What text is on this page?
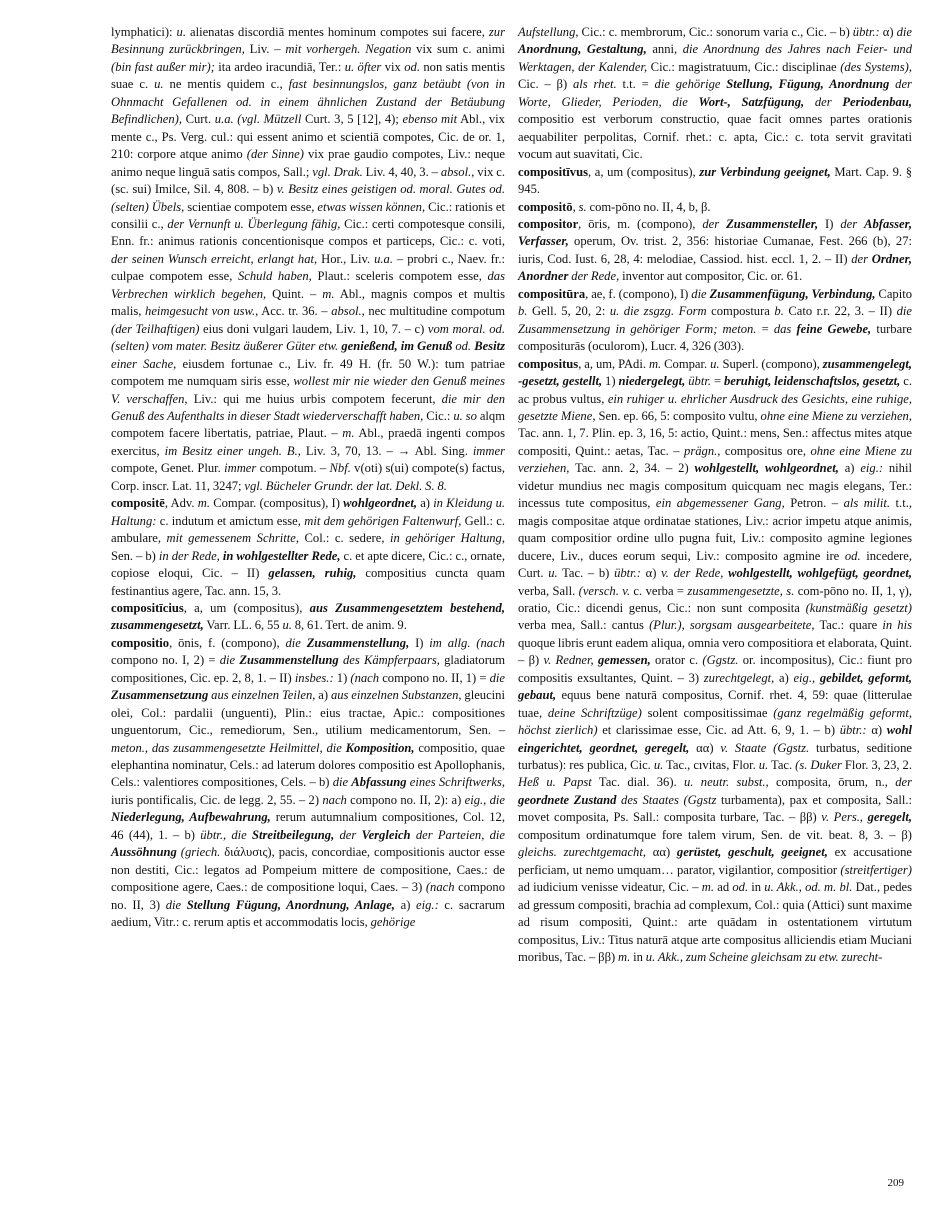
lymphatici): u. alienatas discordiā mentes hominum compotes sui facere, zur Besinnung zurückbringen, Liv. – mit vorhergeh. Negation vix sum c. animi (bin fast außer mir); ita ardeo iracundiā, Ter.: u. öfter vix od. non satis mentis suae c. u. ne mentis quidem c., fast besinnungslos, ganz betäubt (von in Ohnmacht Gefallenen od. in einem ähnlichen Zustand der Betäubung Befindlichen), Curt. u.a. (vgl. Mützell Curt. 3, 5 [12], 4); ebenso mit Abl., vix mente c., Ps. Verg. cul.: qui essent animo et scientiā compotes, Cic. de or. 1, 210: corpore atque animo (der Sinne) vix prae gaudio compotes, Liv.: neque animo neque linguā satis compos, Sall.; vgl. Drak. Liv. 4, 40, 3. – absol., vix c. (sc. sui) Imilce, Sil. 4, 808. – b) v. Besitz eines geistigen od. moral. Gutes od. (selten) Übels, scientiae compotem esse, etwas wissen können, Cic.: rationis et consilii c., der Vernunft u. Überlegung fähig, Cic.: certi compotesque consili, Enn. fr.: animus rationis concentionisque compos et particeps, Cic.: c. voti, der seinen Wunsch erreicht, erlangt hat, Hor., Liv. u.a. – probri c., Naev. fr.: culpae compotem esse, Schuld haben, Plaut.: sceleris compotem esse, das Verbrechen wirklich begehen, Quint. – m. Abl., magnis compos et multis malis, heimgesucht von usw., Acc. tr. 36. – absol., nec multitudine compotum (der Teilhaftigen) eius doni vulgari laudem, Liv. 1, 10, 7. – c) vom moral. od. (selten) vom mater. Besitz äußerer Güter etw. genießend, im Genuß od. Besitz einer Sache, eiusdem fortunae c., Liv. fr. 49 H. (fr. 50 W.): tum patriae compotem me numquam siris esse, wollest mir nie wieder den Genuß meines V. verschaffen, Liv.: qui me huius urbis compotem fecerunt, die mir den Genuß des Aufenthalts in dieser Stadt wiederverschafft haben, Cic.: u. so alqm compotem facere libertatis, patriae, Plaut. – m. Abl., praedā ingenti compos exercitus, im Besitz einer ungeh. B., Liv. 3, 70, 13. – → Abl. Sing. immer compote, Genet. Plur. immer compotum. – Nbf. v(oti) s(ui) compote(s) factus, Corp. inscr. Lat. 11, 3247; vgl. Bücheler Grundr. der lat. Dekl. S. 8.
compositē, Adv. m. Compar. (compositus), I) wohlgeordnet, a) in Kleidung u. Haltung: c. indutum et amictum esse, mit dem gehörigen Faltenwurf, Gell.: c. ambulare, mit gemessenem Schritte, Col.: c. sedere, in gehöriger Haltung, Sen. – b) in der Rede, in wohlgestellter Rede, c. et apte dicere, Cic.: c., ornate, copiose eloqui, Cic. – II) gelassen, ruhig, compositius cuncta quam festinantius agere, Tac. ann. 15, 3.
compositīcius, a, um (compositus), aus Zusammengesetztem bestehend, zusammengesetzt, Varr. LL. 6, 55 u. 8, 61. Tert. de anim. 9.
compositio, ōnis, f. (compono), die Zusammenstellung, I) im allg. (nach compono no. I, 2) = die Zusammenstellung des Kämpferpaars, gladiatorum compositiones, Cic. ep. 2, 8, 1. – II) insbes.: 1) (nach compono no. II, 1) = die Zusammensetzung aus einzelnen Teilen, a) aus einzelnen Substanzen, gleucini olei, Col.: pardalii (unguenti), Plin.: eius tractae, Apic.: compositiones unguentorum, Cic., remediorum, Sen., utilium medicamentorum, Sen. – meton., das zusammengesetzte Heilmittel, die Komposition, compositio, quae elephantina nominatur, Cels.: ad laterum dolores compositio est Apollophanis, Cels.: valentiores compositiones, Cels. – b) die Abfassung eines Schriftwerks, iuris pontificalis, Cic. de legg. 2, 55. – 2) nach compono no. II, 2): a) eig., die Niederlegung, Aufbewahrung, rerum autumnalium compositiones, Col. 12, 46 (44), 1. – b) übtr., die Streitbeilegung, der Vergleich der Parteien, die Aussöhnung (griech. διάλυσις), pacis, concordiae, compositionis auctor esse non destiti, Cic.: legatos ad Pompeium mittere de compositione, Caes.: de compositione agere, Caes.: de compositione loqui, Caes. – 3) (nach compono no. II, 3) die Stellung Fügung, Anordnung, Anlage, a) eig.: c. sacrarum aedium, Vitr.: c. rerum aptis et accommodatis locis, gehörige

Aufstellung, Cic.: c. membrorum, Cic.: sonorum varia c., Cic. – b) übtr.: α) die Anordnung, Gestaltung, anni, die Anordnung des Jahres nach Feier- und Werktagen, der Kalender, Cic.: magistratuum, Cic.: disciplinae (des Systems), Cic. – β) als rhet. t.t. = die gehörige Stellung, Fügung, Anordnung der Worte, Glieder, Perioden, die Wort-, Satzfügung, der Periodenbau, compositio est verborum constructio, quae facit omnes partes orationis aequabiliter perpolitas, Cornif. rhet.: c. apta, Cic.: c. tota servit gravitati vocum aut suavitati, Cic.
compositīvus, a, um (compositus), zur Verbindung geeignet, Mart. Cap. 9. § 945.
compositō, s. com-pōno no. II, 4, b, β.
compositor, ōris, m. (compono), der Zusammensteller, I) der Abfasser, Verfasser, operum, Ov. trist. 2, 356: historiae Cumanae, Fest. 266 (b), 27: iuris, Cod. Iust. 6, 28, 4: melodiae, Cassiod. hist. eccl. 1, 2. – II) der Ordner, Anordner der Rede, inventor aut compositor, Cic. or. 61.
compositūra, ae, f. (compono), I) die Zusammenfügung, Verbindung, Capito b. Gell. 5, 20, 2: u. die zsgzg. Form compostura b. Cato r.r. 22, 3. – II) die Zusammensetzung in gehöriger Form; meton. = das feine Gewebe, turbare compositurās (oculorom), Lucr. 4, 326 (303).
compositus, a, um, PAdi. m. Compar. u. Superl. (compono), zusammengelegt, -gesetzt, gestellt, 1) niedergelegt, übtr. = beruhigt, leidenschaftslos, gesetzt, c. ac probus vultus, ein ruhiger u. ehrlicher Ausdruck des Gesichts, eine ruhige, gesetzte Miene, Sen. ep. 66, 5: composito vultu, ohne eine Miene zu verziehen, Tac. ann. 1, 7. Plin. ep. 3, 16, 5: actio, Quint.: mens, Sen.: affectus mites atque compositi, Quint.: aetas, Tac. – prägn., compositus ore, ohne eine Miene zu verziehen, Tac. ann. 2, 34. – 2) wohlgestellt, wohlgeordnet, a) eig.: nihil videtur mundius nec magis compositum quicquam nec magis elegans, Ter.: incessus tute compositus, ein abgemessener Gang, Petron. – als milit. t.t., magis compositae atque ordinatae stationes, Liv.: acrior impetu atque animis, quam compositior ordine ullo pugna fuit, Liv.: composito agmine legiones ducere, Liv., duces eorum sequi, Liv.: composito agmine ire od. incedere, Curt. u. Tac. – b) übtr.: α) v. der Rede, wohlgestellt, wohlgefügt, geordnet, verba, Sall. (versch. v. c. verba = zusammengesetzte, s. com-pōno no. II, 1, γ), oratio, Cic.: dicendi genus, Cic.: non sunt composita (kunstmäßig gesetzt) verba mea, Sall.: cantus (Plur.), sorgsam ausgearbeitete, Tac.: quare in his quoque libris erunt eadem aliqua, omnia vero compositiora et elaborata, Quint. – β) v. Redner, gemessen, orator c. (Ggstz. or. incompositus), Cic.: fiunt pro compositis exsultantes, Quint. – 3) zurechtgelegt, a) eig., gebildet, geformt, gebaut, equus bene naturā compositus, Cornif. rhet. 4, 59: quae (litterulae tuae, deine Schriftzüge) solent compositissimae (ganz regelmäßig geformt, höchst zierlich) et clarissimae esse, Cic. ad Att. 6, 9, 1. – b) übtr.: α) wohl eingerichtet, geordnet, geregelt, αα) v. Staate (Ggstz. turbatus, seditione turbatus): res publica, Cic. u. Tac., cıvitas, Flor. u. Tac. (s. Duker Flor. 3, 23, 2. Heß u. Papst Tac. dial. 36). u. neutr. subst., composita, ōrum, n., der geordnete Zustand des Staates (Ggstz turbamenta), pax et composita, Sall.: movet composita, Ps. Sall.: composita turbare, Tac. – ββ) v. Pers., geregelt, compositum ordinatumque fore talem virum, Sen. de vit. beat. 8, 3. – β) gleichs. zurechtgemacht, αα) gerüstet, geschult, geeignet, ex accusatione perficiam, ut nemo umquam… parator, vigilantior, compositior (streitfertiger) ad iudicium venisse videatur, Cic. – m. ad od. in u. Akk., od. m. bl. Dat., pedes ad gressum compositi, brachia ad complexum, Col.: quia (Attici) sunt maxime ad risum compositi, Quint.: arte quādam in ostentationem virtutum compositus, Liv.: Titus naturā atque arte compositus alliciendis etiam Muciani moribus, Tac. – ββ) m. in u. Akk., zum Scheine gleichsam zu etw. zurecht-

209
